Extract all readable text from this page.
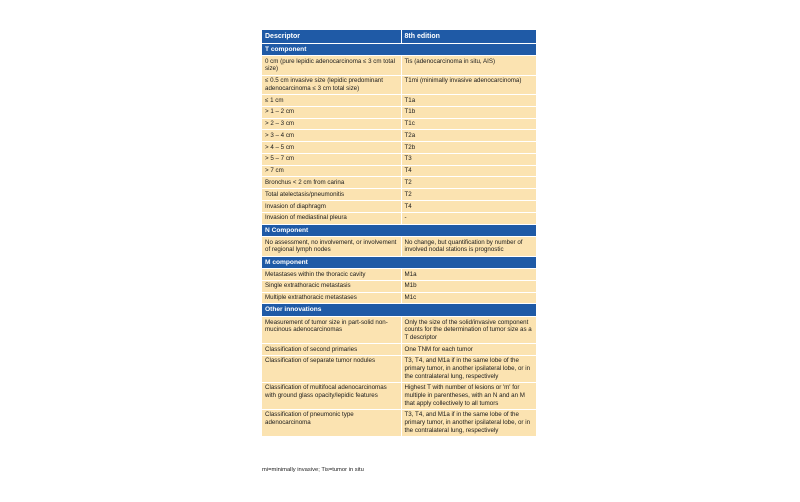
Descriptor	8th edition
T component	
0 cm (pure lepidic adenocarcinoma ≤ 3 cm total size)	Tis (adenocarcinoma in situ, AIS)
≤ 0.5 cm invasive size (lepidic predominant adenocarcinoma ≤ 3 cm total size)	T1mi (minimally invasive adenocarcinoma)
≤ 1 cm	T1a
> 1 – 2 cm	T1b
> 2 – 3 cm	T1c
> 3 – 4 cm	T2a
> 4 – 5 cm	T2b
> 5 – 7 cm	T3
> 7 cm	T4
Bronchus < 2 cm from carina	T2
Total atelectasis/pneumonitis	T2
Invasion of diaphragm	T4
Invasion of mediastinal pleura	-
N Component	
No assessment, no involvement, or involvement of regional lymph nodes	No change, but quantification by number of involved nodal stations is prognostic
M component	
Metastases within the thoracic cavity	M1a
Single extrathoracic metastasis	M1b
Multiple extrathoracic metastases	M1c
Other innovations	
Measurement of tumor size in part-solid non-mucinous adenocarcinomas	Only the size of the solid/invasive component counts for the determination of tumor size as a T descriptor
Classification of second primaries	One TNM for each tumor
Classification of separate tumor nodules	T3, T4, and M1a if in the same lobe of the primary tumor, in another ipsilateral lobe, or in the contralateral lung, respectively
Classification of multifocal adenocarcinomas with ground glass opacity/lepidic features	Highest T with number of lesions or 'm' for multiple in parentheses, with an N and an M that apply collectively to all tumors
Classification of pneumonic type adenocarcinoma	T3, T4, and M1a if in the same lobe of the primary tumor, in another ipsilateral lobe, or in the contralateral lung, respectively
mi=minimally invasive; Tis=tumor in situ
